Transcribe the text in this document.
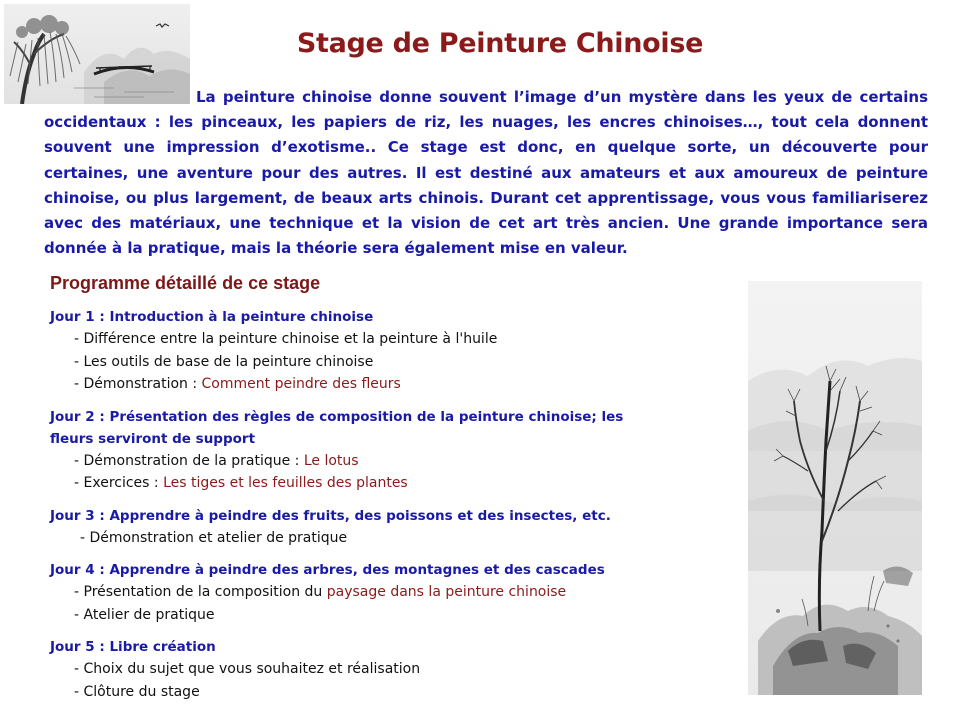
Stage de Peinture Chinoise

La peinture chinoise donne souvent l’image d’un mystère dans les yeux de certains occidentaux : les pinceaux, les papiers de riz, les nuages, les encres chinoises…, tout cela donnent souvent une impression d’exotisme.. Ce stage est donc, en quelque sorte, un découverte pour certaines, une aventure pour des autres. Il est destiné aux amateurs et aux amoureux de peinture chinoise, ou plus largement, de beaux arts chinois. Durant cet apprentissage, vous vous familiariserez avec des matériaux, une technique et la vision de cet art très ancien. Une grande importance sera donnée à la pratique, mais la théorie sera également mise en valeur.

Programme détaillé de ce stage

Jour 1 : Introduction à la peinture chinoise

- Différence entre la peinture chinoise et la peinture à l'huile

- Les outils de base de la peinture chinoise

- Démonstration : Comment peindre des fleurs

Jour 2 : Présentation des règles de composition de la peinture chinoise; les fleurs serviront de support

- Démonstration de la pratique : Le lotus

- Exercices : Les tiges et les feuilles des plantes

Jour 3 : Apprendre à peindre des fruits, des poissons et des insectes, etc.

- Démonstration et atelier de pratique

Jour 4 : Apprendre à peindre des arbres, des montagnes et des cascades

- Présentation de la composition du paysage dans la peinture chinoise

- Atelier de pratique

Jour 5 : Libre création

- Choix du sujet que vous souhaitez et réalisation

- Clôture du stage
